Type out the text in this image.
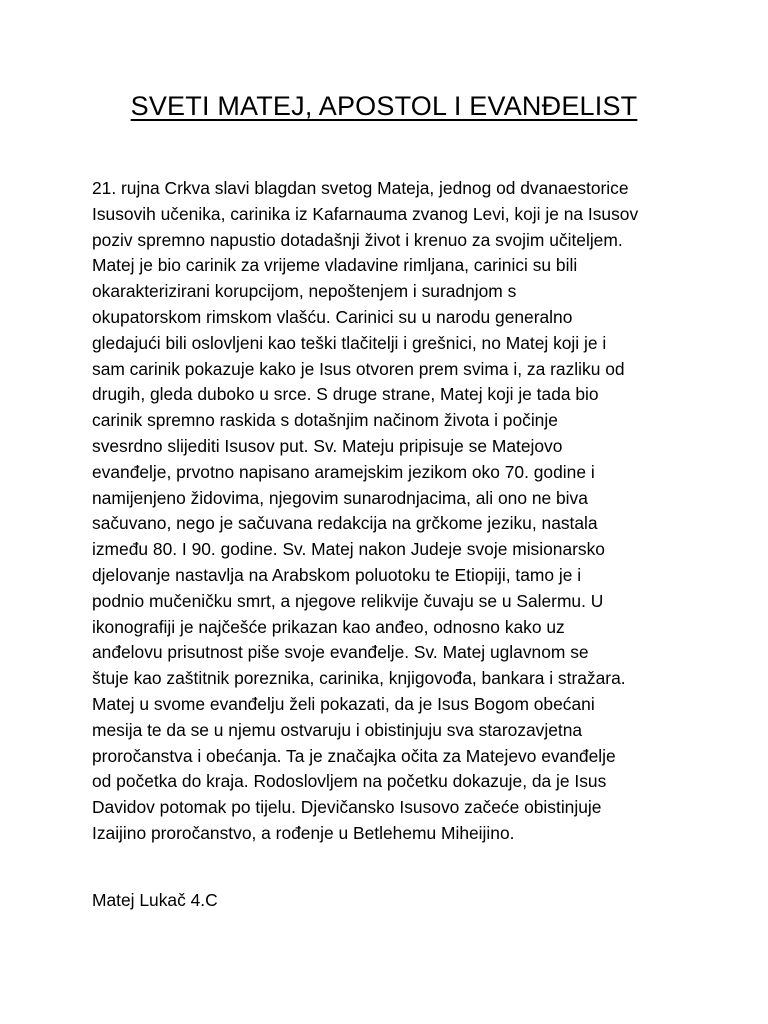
SVETI MATEJ, APOSTOL I EVANĐELIST
21. rujna Crkva slavi blagdan svetog Mateja, jednog od dvanaestorice
Isusovih učenika, carinika iz Kafarnauma zvanog Levi, koji je na Isusov
poziv spremno napustio dotadašnji život i krenuo za svojim učiteljem.
Matej je bio carinik za vrijeme vladavine rimljana, carinici su bili
okarakterizirani korupcijom, nepoštenjem i suradnjom s
okupatorskom rimskom vlašću. Carinici su u narodu generalno
gledajući bili oslovljeni kao teški tlačitelji i grešnici, no Matej koji je i
sam carinik pokazuje kako je Isus otvoren prem svima i, za razliku od
drugih, gleda duboko u srce. S druge strane, Matej koji je tada bio
carinik spremno raskida s dotašnjim načinom života i počinje
svesrdno slijediti Isusov put. Sv. Mateju pripisuje se Matejovo
evanđelje, prvotno napisano aramejskim jezikom oko 70. godine i
namijenjeno židovima, njegovim sunarodnjacima, ali ono ne biva
sačuvano, nego je sačuvana redakcija na grčkome jeziku, nastala
između 80. I 90. godine. Sv. Matej nakon Judeje svoje misionarsko
djelovanje nastavlja na Arabskom poluotoku te Etiopiji, tamo je i
podnio mučeničku smrt, a njegove relikvije čuvaju se u Salermu. U
ikonografiji je najčešće prikazan kao anđeo, odnosno kako uz
anđelovu prisutnost piše svoje evanđelje. Sv. Matej uglavnom se
štuje kao zaštitnik poreznika, carinika, knjigovođa, bankara i stražara.
Matej u svome evanđelju želi pokazati, da je Isus Bogom obećani
mesija te da se u njemu ostvaruju i obistinjuju sva starozavjetna
proročanstva i obećanja. Ta je značajka očita za Matejevo evanđelje
od početka do kraja. Rodoslovljem na početku dokazuje, da je Isus
Davidov potomak po tijelu. Djevičansko Isusovo začeće obistinjuje
Izaijino proročanstvo, a rođenje u Betlehemu Miheijino.
Matej Lukač 4.C
